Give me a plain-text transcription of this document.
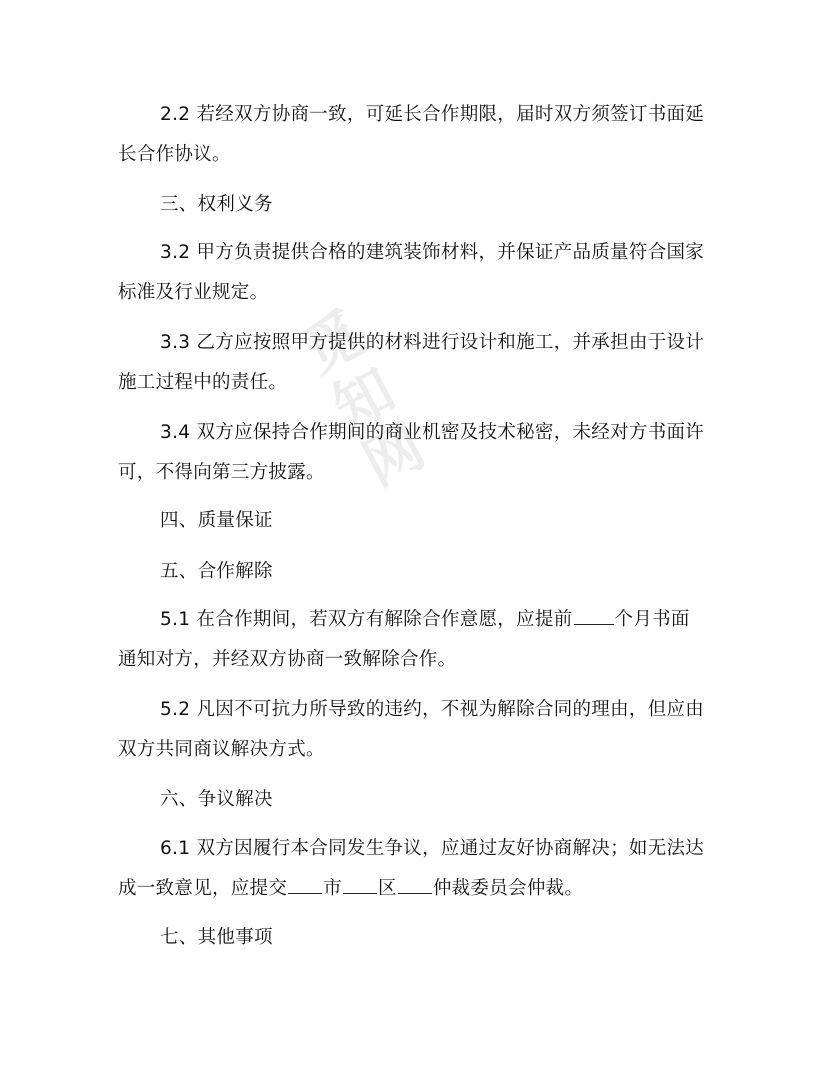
觅
知
网

2.2 若经双方协商一致，可延长合作期限，届时双方须签订书面延长合作协议。

三、权利义务

3.2 甲方负责提供合格的建筑装饰材料，并保证产品质量符合国家标准及行业规定。

3.3 乙方应按照甲方提供的材料进行设计和施工，并承担由于设计施工过程中的责任。

3.4 双方应保持合作期间的商业机密及技术秘密，未经对方书面许可，不得向第三方披露。

四、质量保证

五、合作解除

5.1 在合作期间，若双方有解除合作意愿，应提前 个月书面通知对方，并经双方协商一致解除合作。

5.2 凡因不可抗力所导致的违约，不视为解除合同的理由，但应由双方共同商议解决方式。

六、争议解决

6.1 双方因履行本合同发生争议，应通过友好协商解决；如无法达成一致意见，应提交 市 区 仲裁委员会仲裁。

七、其他事项
